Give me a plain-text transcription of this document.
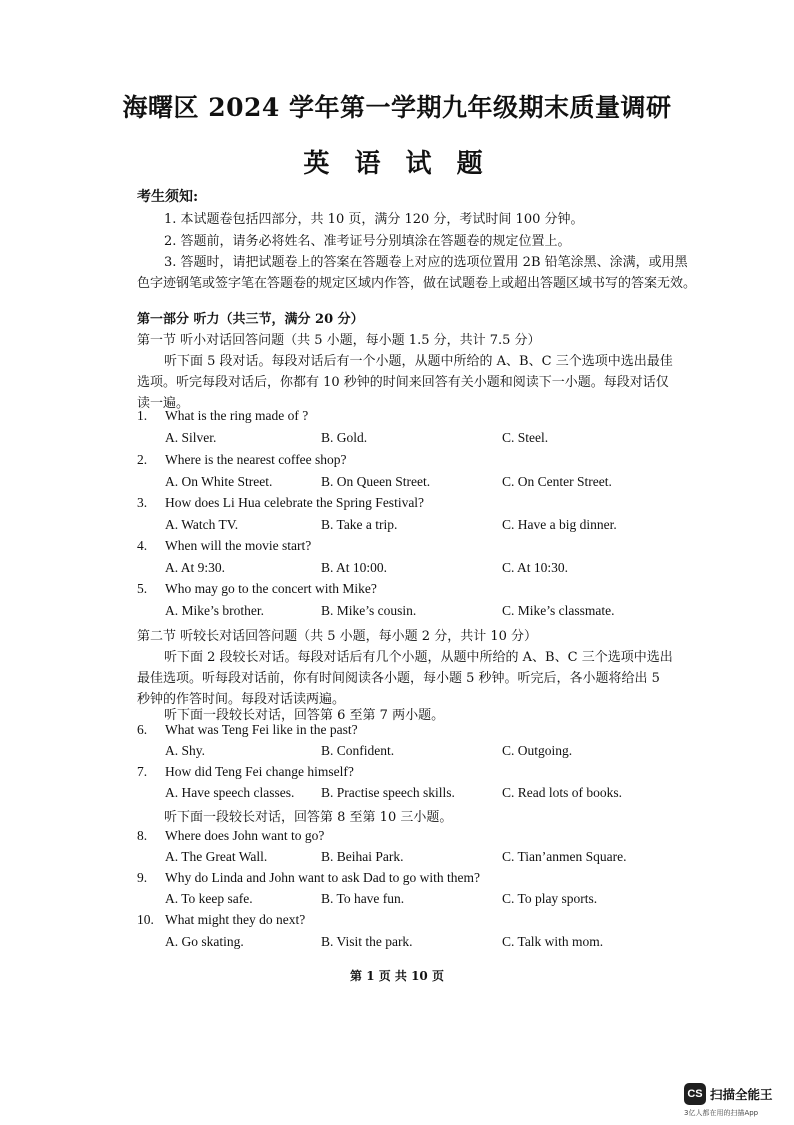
海曙区 2024 学年第一学期九年级期末质量调研
英 语 试 题
考生须知:
1. 本试题卷包括四部分，共 10 页，满分 120 分，考试时间 100 分钟。
2. 答题前，请务必将姓名、准考证号分别填涂在答题卷的规定位置上。
3. 答题时，请把试题卷上的答案在答题卷上对应的选项位置用 2B 铅笔涂黑、涂满，或用黑
色字迹钢笔或签字笔在答题卷的规定区域内作答，做在试题卷上或超出答题区域书写的答案无效。
第一部分 听力（共三节，满分 20 分）
第一节 听小对话回答问题（共 5 小题，每小题 1.5 分，共计 7.5 分）
听下面 5 段对话。每段对话后有一个小题，从题中所给的 A、B、C 三个选项中选出最佳
选项。听完每段对话后，你都有 10 秒钟的时间来回答有关小题和阅读下一小题。每段对话仅
读一遍。
1. What is the ring made of ?
A. Silver.	B. Gold.	C. Steel.
2. Where is the nearest coffee shop?
A. On White Street.	B. On Queen Street.	C. On Center Street.
3. How does Li Hua celebrate the Spring Festival?
A. Watch TV.	B. Take a trip.	C. Have a big dinner.
4. When will the movie start?
A. At 9:30.	B. At 10:00.	C. At 10:30.
5. Who may go to the concert with Mike?
A. Mike’s brother.	B. Mike’s cousin.	C. Mike’s classmate.
第二节 听较长对话回答问题（共 5 小题，每小题 2 分，共计 10 分）
听下面 2 段较长对话。每段对话后有几个小题，从题中所给的 A、B、C 三个选项中选出
最佳选项。听每段对话前，你有时间阅读各小题，每小题 5 秒钟。听完后，各小题将给出 5
秒钟的作答时间。每段对话读两遍。
听下面一段较长对话，回答第 6 至第 7 两小题。
6. What was Teng Fei like in the past?
A. Shy.	B. Confident.	C. Outgoing.
7. How did Teng Fei change himself?
A. Have speech classes. B. Practise speech skills.	C. Read lots of books.
听下面一段较长对话，回答第 8 至第 10 三小题。
8. Where does John want to go?
A. The Great Wall.	B. Beihai Park.	C. Tian’anmen Square.
9. Why do Linda and John want to ask Dad to go with them?
A. To keep safe.	B. To have fun.	C. To play sports.
10. What might they do next?
A. Go skating.	B. Visit the park.	C. Talk with mom.
第 1 页 共 10 页
CS 扫描全能王
3亿人都在用的扫描App
